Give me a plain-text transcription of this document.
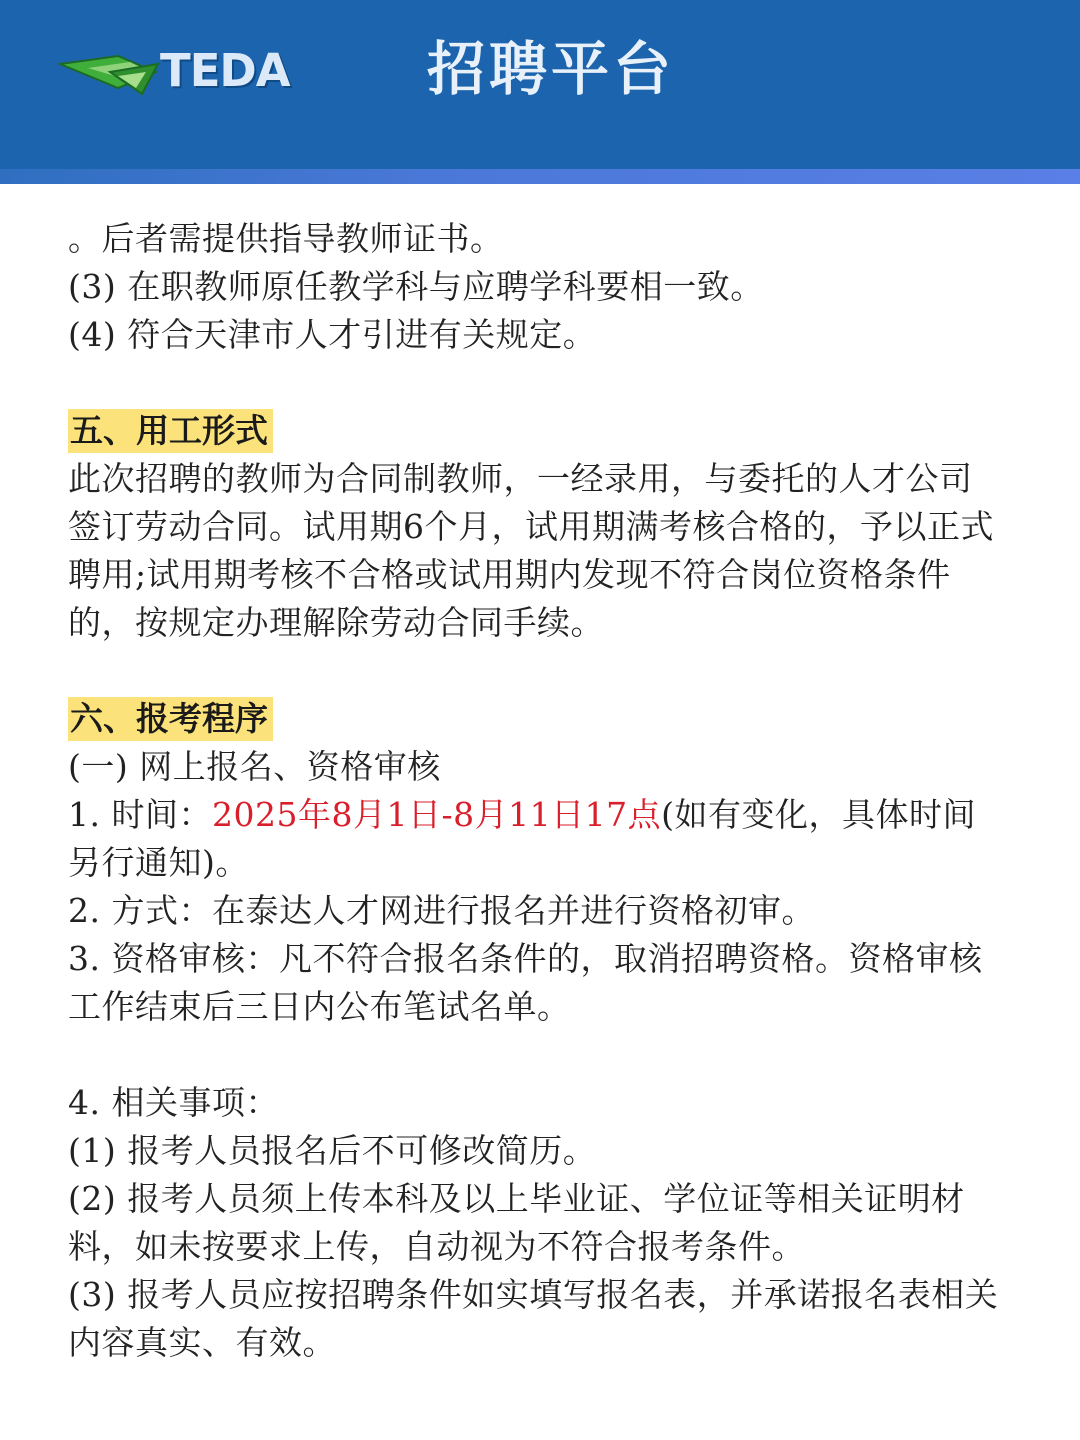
TEDA 招聘平台
。后者需提供指导教师证书。
(3) 在职教师原任教学科与应聘学科要相一致。
(4) 符合天津市人才引进有关规定。
五、用工形式
此次招聘的教师为合同制教师，一经录用，与委托的人才公司
签订劳动合同。试用期6个月，试用期满考核合格的，予以正式
聘用;试用期考核不合格或试用期内发现不符合岗位资格条件
的，按规定办理解除劳动合同手续。
六、报考程序
(一) 网上报名、资格审核
1. 时间：2025年8月1日-8月11日17点(如有变化，具体时间
另行通知)。
2. 方式：在泰达人才网进行报名并进行资格初审。
3. 资格审核：凡不符合报名条件的，取消招聘资格。资格审核
工作结束后三日内公布笔试名单。
4. 相关事项：
(1) 报考人员报名后不可修改简历。
(2) 报考人员须上传本科及以上毕业证、学位证等相关证明材
料，如未按要求上传，自动视为不符合报考条件。
(3) 报考人员应按招聘条件如实填写报名表，并承诺报名表相关
内容真实、有效。
